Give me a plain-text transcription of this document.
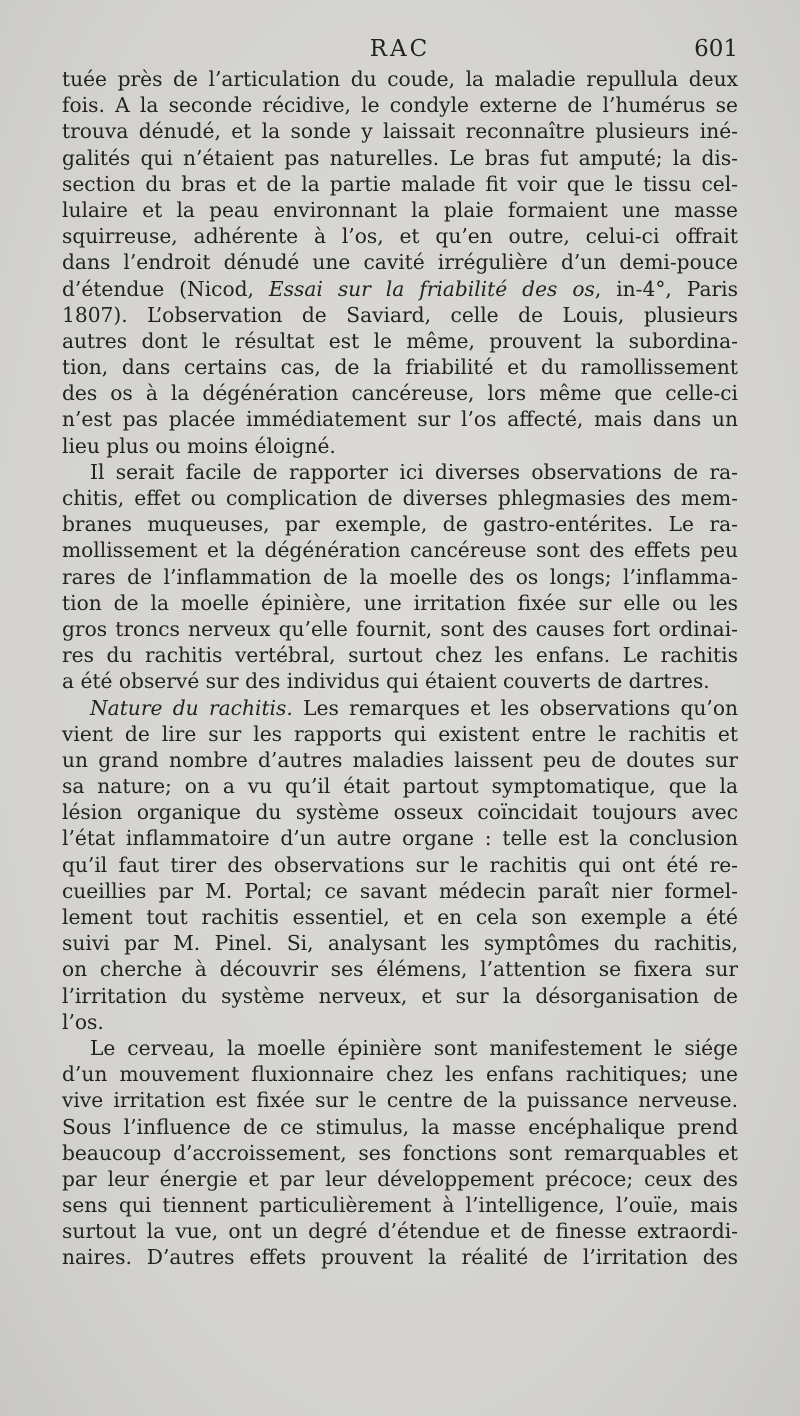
RAC	601
tuée près de l’articulation du coude, la maladie repullula deux
fois. A la seconde récidive, le condyle externe de l’humérus se
trouva dénudé, et la sonde y laissait reconnaître plusieurs iné-
galités qui n’étaient pas naturelles. Le bras fut amputé; la dis-
section du bras et de la partie malade fit voir que le tissu cel-
lulaire et la peau environnant la plaie formaient une masse
squirreuse, adhérente à l’os, et qu’en outre, celui-ci offrait
dans l’endroit dénudé une cavité irrégulière d’un demi-pouce
d’étendue (Nicod, Essai sur la friabilité des os, in-4°, Paris
1807). L’observation de Saviard, celle de Louis, plusieurs
autres dont le résultat est le même, prouvent la subordina-
tion, dans certains cas, de la friabilité et du ramollissement
des os à la dégénération cancéreuse, lors même que celle-ci
n’est pas placée immédiatement sur l’os affecté, mais dans un
lieu plus ou moins éloigné.
Il serait facile de rapporter ici diverses observations de ra-
chitis, effet ou complication de diverses phlegmasies des mem-
branes muqueuses, par exemple, de gastro-entérites. Le ra-
mollissement et la dégénération cancéreuse sont des effets peu
rares de l’inflammation de la moelle des os longs; l’inflamma-
tion de la moelle épinière, une irritation fixée sur elle ou les
gros troncs nerveux qu’elle fournit, sont des causes fort ordinai-
res du rachitis vertébral, surtout chez les enfans. Le rachitis
a été observé sur des individus qui étaient couverts de dartres.
Nature du rachitis. Les remarques et les observations qu’on
vient de lire sur les rapports qui existent entre le rachitis et
un grand nombre d’autres maladies laissent peu de doutes sur
sa nature; on a vu qu’il était partout symptomatique, que la
lésion organique du système osseux coïncidait toujours avec
l’état inflammatoire d’un autre organe : telle est la conclusion
qu’il faut tirer des observations sur le rachitis qui ont été re-
cueillies par M. Portal; ce savant médecin paraît nier formel-
lement tout rachitis essentiel, et en cela son exemple a été
suivi par M. Pinel. Si, analysant les symptômes du rachitis,
on cherche à découvrir ses élémens, l’attention se fixera sur
l’irritation du système nerveux, et sur la désorganisation de
l’os.
Le cerveau, la moelle épinière sont manifestement le siége
d’un mouvement fluxionnaire chez les enfans rachitiques; une
vive irritation est fixée sur le centre de la puissance nerveuse.
Sous l’influence de ce stimulus, la masse encéphalique prend
beaucoup d’accroissement, ses fonctions sont remarquables et
par leur énergie et par leur développement précoce; ceux des
sens qui tiennent particulièrement à l’intelligence, l’ouïe, mais
surtout la vue, ont un degré d’étendue et de finesse extraordi-
naires. D’autres effets prouvent la réalité de l’irritation des
